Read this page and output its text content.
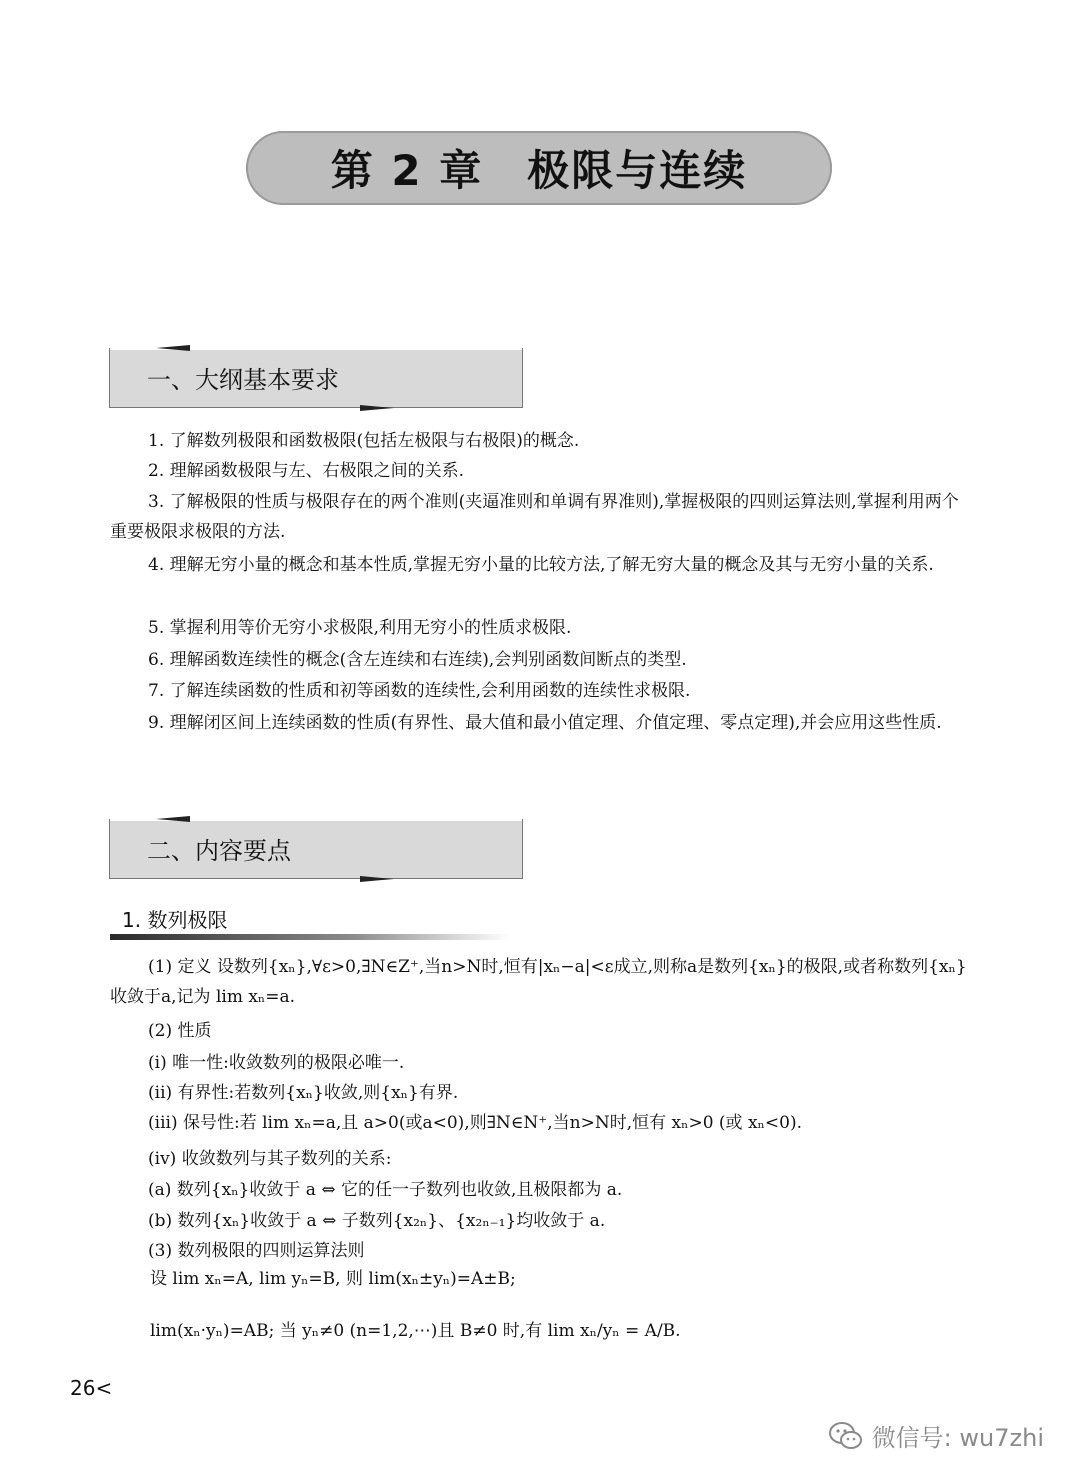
第 2 章 极限与连续
一、大纲基本要求

1. 了解数列极限和函数极限(包括左极限与右极限)的概念.

2. 理解函数极限与左、右极限之间的关系.

3. 了解极限的性质与极限存在的两个准则(夹逼准则和单调有界准则),掌握极限的四则运算法则,掌握利用两个重要极限求极限的方法.

4. 理解无穷小量的概念和基本性质,掌握无穷小量的比较方法,了解无穷大量的概念及其与无穷小量的关系.

5. 掌握利用等价无穷小求极限,利用无穷小的性质求极限.

6. 理解函数连续性的概念(含左连续和右连续),会判别函数间断点的类型.

7. 了解连续函数的性质和初等函数的连续性,会利用函数的连续性求极限.

9. 理解闭区间上连续函数的性质(有界性、最大值和最小值定理、介值定理、零点定理),并会应用这些性质.

二、内容要点
1. 数列极限

(1) 定义 设数列{xₙ},∀ε>0,∃N∈Z⁺,当n>N时,恒有|xₙ−a|<ε成立,则称a是数列{xₙ}的极限,或者称数列{xₙ}收敛于a,记为 lim xₙ=a.

(2) 性质

(i) 唯一性:收敛数列的极限必唯一.

(ii) 有界性:若数列{xₙ}收敛,则{xₙ}有界.

(iii) 保号性:若 lim xₙ=a,且 a>0(或a<0),则∃N∈N⁺,当n>N时,恒有 xₙ>0 (或 xₙ<0).

(iv) 收敛数列与其子数列的关系:

(a) 数列{xₙ}收敛于 a ⇔ 它的任一子数列也收敛,且极限都为 a.

(b) 数列{xₙ}收敛于 a ⇔ 子数列{x₂ₙ}、{x₂ₙ₋₁}均收敛于 a.

(3) 数列极限的四则运算法则

设 lim xₙ=A, lim yₙ=B, 则 lim(xₙ±yₙ)=A±B;

lim(xₙ·yₙ)=AB; 当 yₙ≠0 (n=1,2,⋯)且 B≠0 时,有 lim xₙ/yₙ = A/B.

26<
微信号: wu7zhi
